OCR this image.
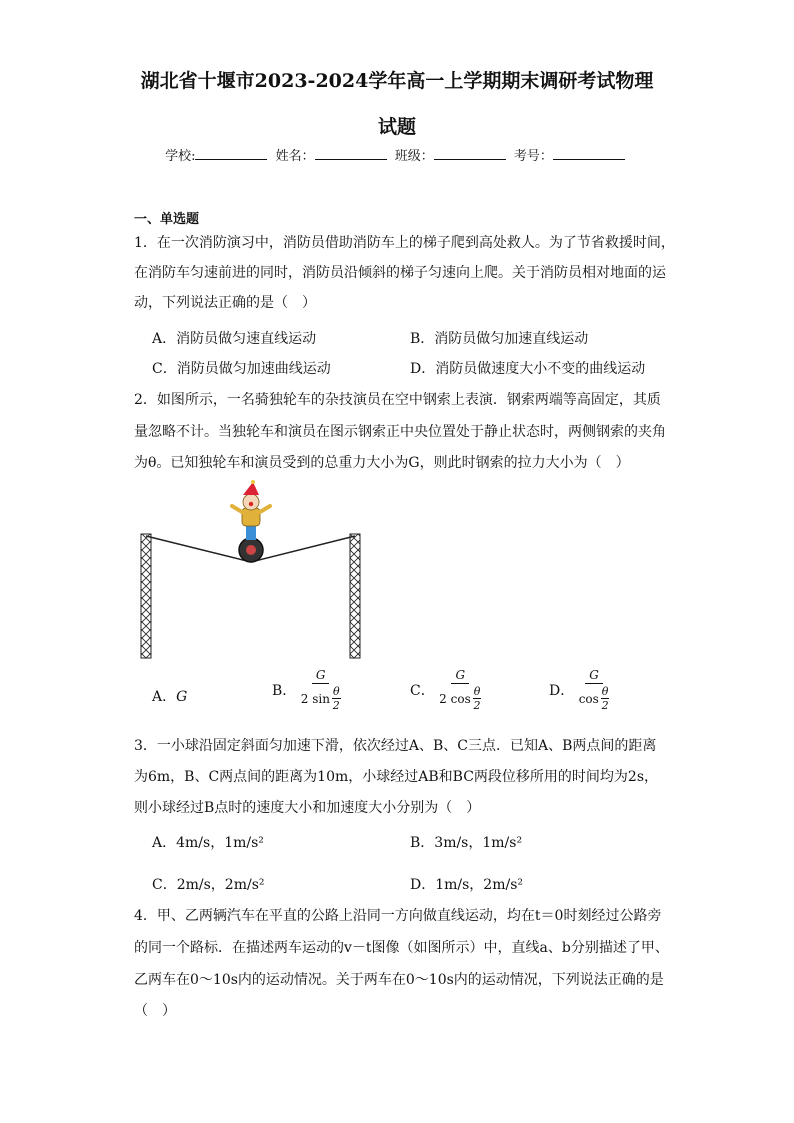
湖北省十堰市2023-2024学年高一上学期期末调研考试物理
试题
学校:	姓名：	班级：	考号：
一、单选题
1．在一次消防演习中，消防员借助消防车上的梯子爬到高处救人。为了节省救援时间，
在消防车匀速前进的同时，消防员沿倾斜的梯子匀速向上爬。关于消防员相对地面的运
动，下列说法正确的是（　）
A．消防员做匀速直线运动	B．消防员做匀加速直线运动
C．消防员做匀加速曲线运动	D．消防员做速度大小不变的曲线运动
2．如图所示，一名骑独轮车的杂技演员在空中钢索上表演．钢索两端等高固定，其质
量忽略不计。当独轮车和演员在图示钢索正中央位置处于静止状态时，两侧钢索的夹角
为θ。已知独轮车和演员受到的总重力大小为G，则此时钢索的拉力大小为（　）
A．G	B． G
2 sin θ
2	C． G
2 cos θ
2	D． G
cos θ
2
3．一小球沿固定斜面匀加速下滑，依次经过A、B、C三点．已知A、B两点间的距离
为6m，B、C两点间的距离为10m，小球经过AB和BC两段位移所用的时间均为2s，
则小球经过B点时的速度大小和加速度大小分别为（　）
A．4m/s，1m/s²	B．3m/s，1m/s²
C．2m/s，2m/s²	D．1m/s，2m/s²
4．甲、乙两辆汽车在平直的公路上沿同一方向做直线运动，均在t＝0时刻经过公路旁
的同一个路标．在描述两车运动的v－t图像（如图所示）中，直线a、b分别描述了甲、
乙两车在0～10s内的运动情况。关于两车在0～10s内的运动情况，下列说法正确的是
（　）
